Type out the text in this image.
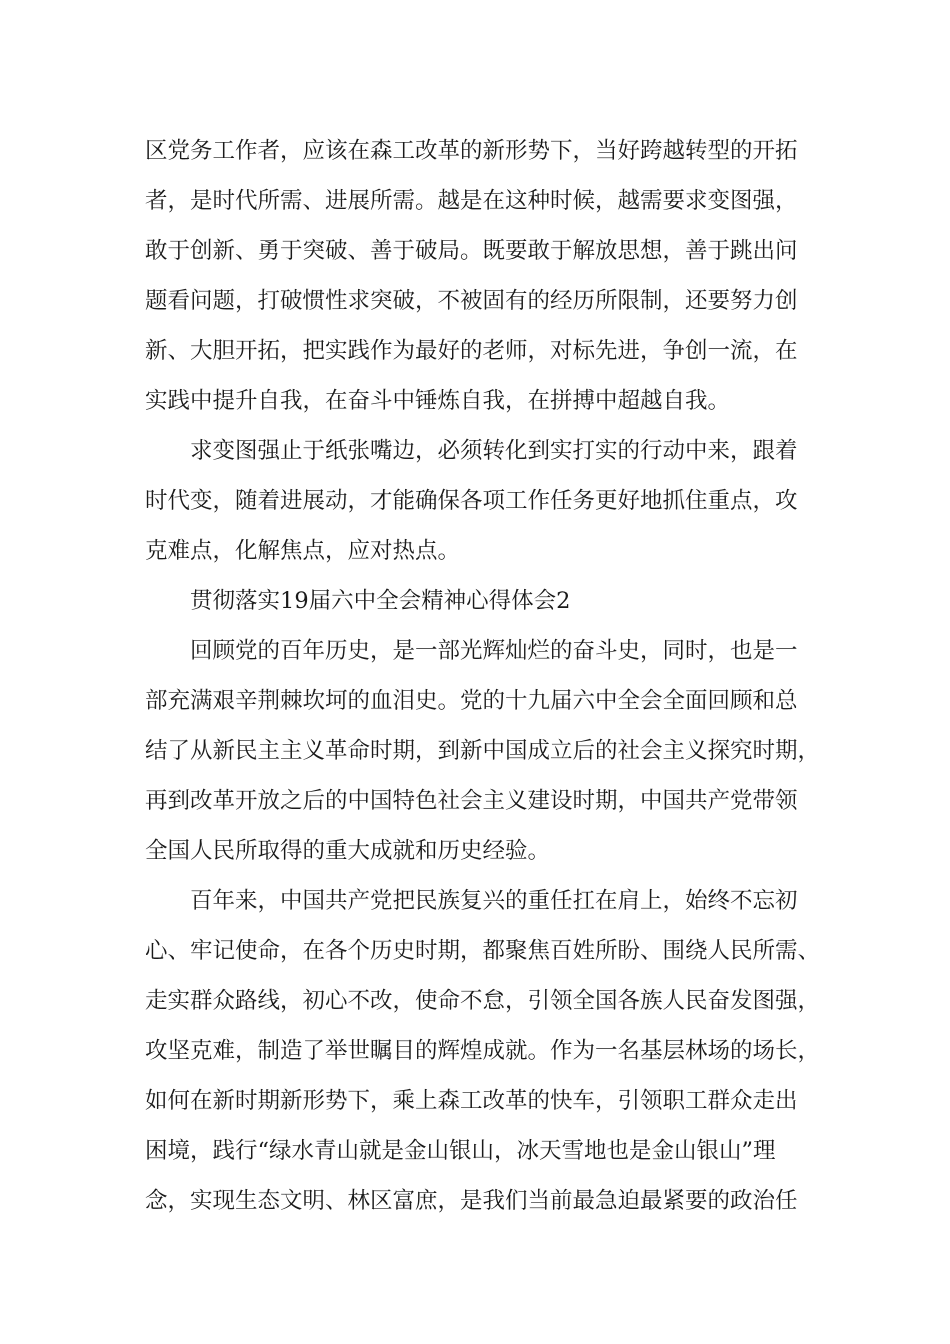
区党务工作者，应该在森工改革的新形势下，当好跨越转型的开拓
者，是时代所需、进展所需。越是在这种时候，越需要求变图强，
敢于创新、勇于突破、善于破局。既要敢于解放思想，善于跳出问
题看问题，打破惯性求突破，不被固有的经历所限制，还要努力创
新、大胆开拓，把实践作为最好的老师，对标先进，争创一流，在
实践中提升自我，在奋斗中锤炼自我，在拼搏中超越自我。
求变图强止于纸张嘴边，必须转化到实打实的行动中来，跟着
时代变，随着进展动，才能确保各项工作任务更好地抓住重点，攻
克难点，化解焦点，应对热点。
贯彻落实19届六中全会精神心得体会2
回顾党的百年历史，是一部光辉灿烂的奋斗史，同时，也是一
部充满艰辛荆棘坎坷的血泪史。党的十九届六中全会全面回顾和总
结了从新民主主义革命时期，到新中国成立后的社会主义探究时期，
再到改革开放之后的中国特色社会主义建设时期，中国共产党带领
全国人民所取得的重大成就和历史经验。
百年来，中国共产党把民族复兴的重任扛在肩上，始终不忘初
心、牢记使命，在各个历史时期，都聚焦百姓所盼、围绕人民所需、
走实群众路线，初心不改，使命不怠，引领全国各族人民奋发图强，
攻坚克难，制造了举世瞩目的辉煌成就。作为一名基层林场的场长，
如何在新时期新形势下，乘上森工改革的快车，引领职工群众走出
困境，践行“绿水青山就是金山银山，冰天雪地也是金山银山”理
念，实现生态文明、林区富庶，是我们当前最急迫最紧要的政治任
